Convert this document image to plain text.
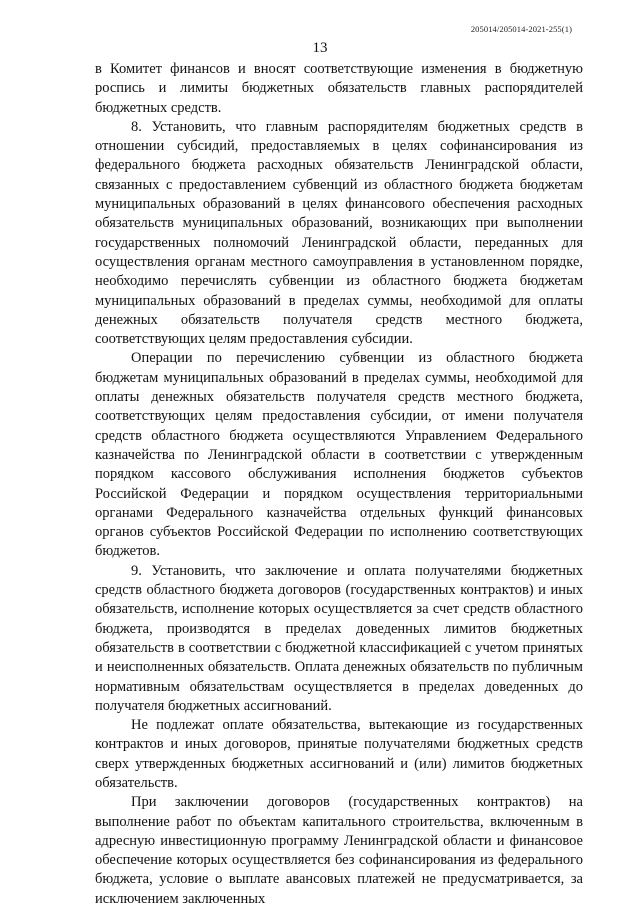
205014/205014-2021-255(1)
13

в Комитет финансов и вносят соответствующие изменения в бюджетную роспись и лимиты бюджетных обязательств главных распорядителей бюджетных средств.

8. Установить, что главным распорядителям бюджетных средств в отношении субсидий, предоставляемых в целях софинансирования из федерального бюджета расходных обязательств Ленинградской области, связанных с предоставлением субвенций из областного бюджета бюджетам муниципальных образований в целях финансового обеспечения расходных обязательств муниципальных образований, возникающих при выполнении государственных полномочий Ленинградской области, переданных для осуществления органам местного самоуправления в установленном порядке, необходимо перечислять субвенции из областного бюджета бюджетам муниципальных образований в пределах суммы, необходимой для оплаты денежных обязательств получателя средств местного бюджета, соответствующих целям предоставления субсидии.

Операции по перечислению субвенции из областного бюджета бюджетам муниципальных образований в пределах суммы, необходимой для оплаты денежных обязательств получателя средств местного бюджета, соответствующих целям предоставления субсидии, от имени получателя средств областного бюджета осуществляются Управлением Федерального казначейства по Ленинградской области в соответствии с утвержденным порядком кассового обслуживания исполнения бюджетов субъектов Российской Федерации и порядком осуществления территориальными органами Федерального казначейства отдельных функций финансовых органов субъектов Российской Федерации по исполнению соответствующих бюджетов.

9. Установить, что заключение и оплата получателями бюджетных средств областного бюджета договоров (государственных контрактов) и иных обязательств, исполнение которых осуществляется за счет средств областного бюджета, производятся в пределах доведенных лимитов бюджетных обязательств в соответствии с бюджетной классификацией с учетом принятых и неисполненных обязательств. Оплата денежных обязательств по публичным нормативным обязательствам осуществляется в пределах доведенных до получателя бюджетных ассигнований.

Не подлежат оплате обязательства, вытекающие из государственных контрактов и иных договоров, принятые получателями бюджетных средств сверх утвержденных бюджетных ассигнований и (или) лимитов бюджетных обязательств.

При заключении договоров (государственных контрактов) на выполнение работ по объектам капитального строительства, включенным в адресную инвестиционную программу Ленинградской области и финансовое обеспечение которых осуществляется без софинансирования из федерального бюджета, условие о выплате авансовых платежей не предусматривается, за исключением заключенных
